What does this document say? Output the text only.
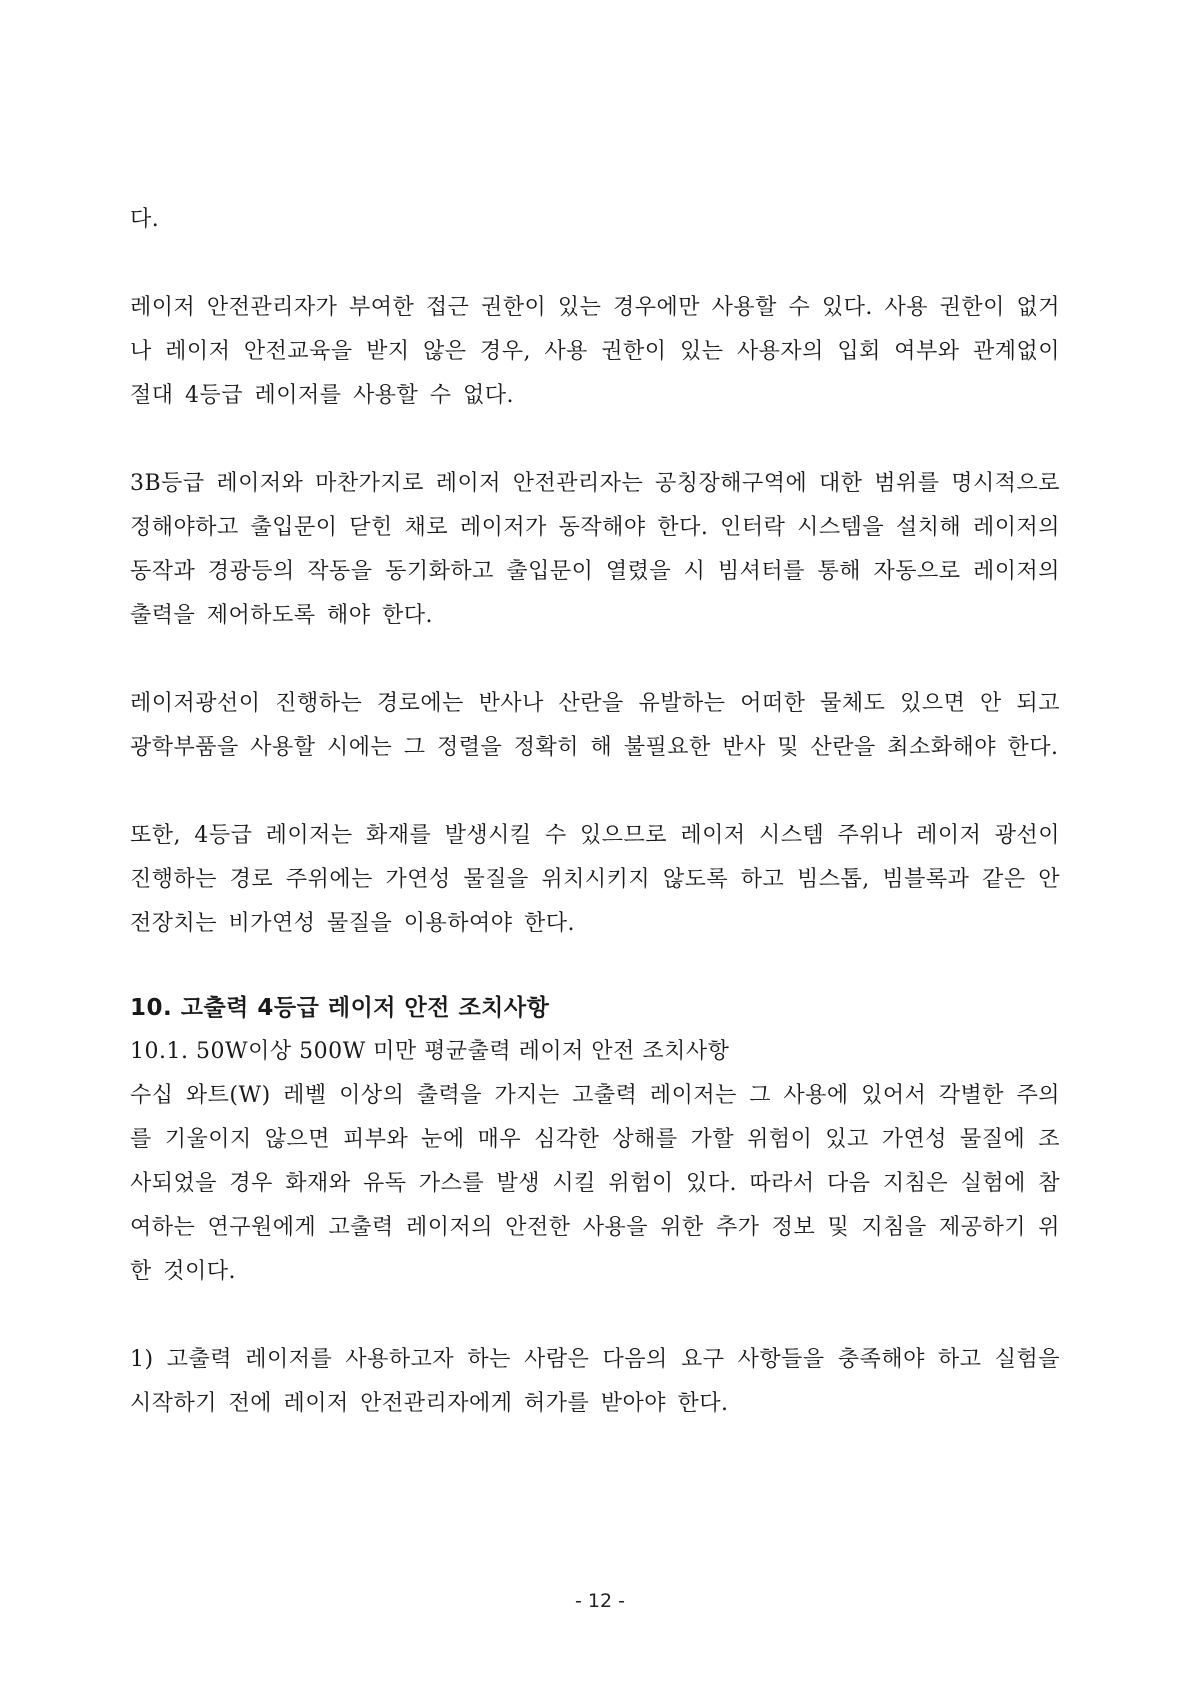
다.

레이저 안전관리자가 부여한 접근 권한이 있는 경우에만 사용할 수 있다. 사용 권한이 없거나 레이저 안전교육을 받지 않은 경우, 사용 권한이 있는 사용자의 입회 여부와 관계없이 절대 4등급 레이저를 사용할 수 없다.

3B등급 레이저와 마찬가지로 레이저 안전관리자는 공칭장해구역에 대한 범위를 명시적으로 정해야하고 출입문이 닫힌 채로 레이저가 동작해야 한다. 인터락 시스템을 설치해 레이저의 동작과 경광등의 작동을 동기화하고 출입문이 열렸을 시 빔셔터를 통해 자동으로 레이저의 출력을 제어하도록 해야 한다.

레이저광선이 진행하는 경로에는 반사나 산란을 유발하는 어떠한 물체도 있으면 안 되고 광학부품을 사용할 시에는 그 정렬을 정확히 해 불필요한 반사 및 산란을 최소화해야 한다.

또한, 4등급 레이저는 화재를 발생시킬 수 있으므로 레이저 시스템 주위나 레이저 광선이 진행하는 경로 주위에는 가연성 물질을 위치시키지 않도록 하고 빔스톱, 빔블록과 같은 안전장치는 비가연성 물질을 이용하여야 한다.

10. 고출력 4등급 레이저 안전 조치사항

10.1. 50W이상 500W 미만 평균출력 레이저 안전 조치사항

수십 와트(W) 레벨 이상의 출력을 가지는 고출력 레이저는 그 사용에 있어서 각별한 주의를 기울이지 않으면 피부와 눈에 매우 심각한 상해를 가할 위험이 있고 가연성 물질에 조사되었을 경우 화재와 유독 가스를 발생 시킬 위험이 있다. 따라서 다음 지침은 실험에 참여하는 연구원에게 고출력 레이저의 안전한 사용을 위한 추가 정보 및 지침을 제공하기 위한 것이다.

1) 고출력 레이저를 사용하고자 하는 사람은 다음의 요구 사항들을 충족해야 하고 실험을 시작하기 전에 레이저 안전관리자에게 허가를 받아야 한다.

- 12 -
